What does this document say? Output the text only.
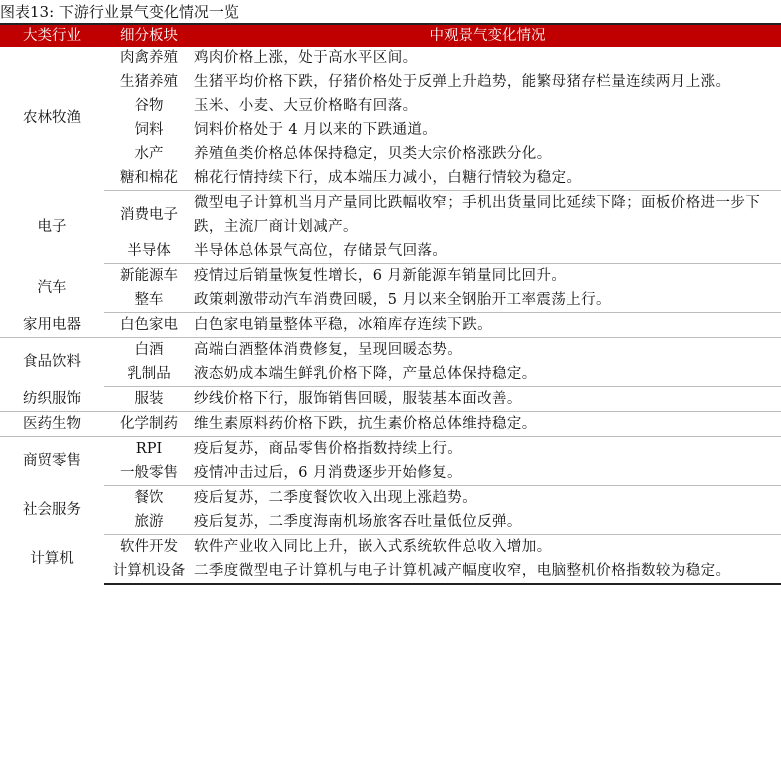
图表13: 下游行业景气变化情况一览
大类行业	细分板块	中观景气变化情况
农林牧渔	肉禽养殖	鸡肉价格上涨，处于高水平区间。
	生猪养殖	生猪平均价格下跌，仔猪价格处于反弹上升趋势，能繁母猪存栏量连续两月上涨。
	谷物	玉米、小麦、大豆价格略有回落。
	饲料	饲料价格处于 4 月以来的下跌通道。
	水产	养殖鱼类价格总体保持稳定，贝类大宗价格涨跌分化。
	糖和棉花	棉花行情持续下行，成本端压力减小，白糖行情较为稳定。
电子	消费电子	微型电子计算机当月产量同比跌幅收窄；手机出货量同比延续下降；面板价格进一步下跌，主流厂商计划减产。
	半导体	半导体总体景气高位，存储景气回落。
汽车	新能源车	疫情过后销量恢复性增长，6 月新能源车销量同比回升。
	整车	政策刺激带动汽车消费回暖，5 月以来全钢胎开工率震荡上行。
家用电器	白色家电	白色家电销量整体平稳，冰箱库存连续下跌。
食品饮料	白酒	高端白酒整体消费修复，呈现回暖态势。
	乳制品	液态奶成本端生鲜乳价格下降，产量总体保持稳定。
纺织服饰	服装	纱线价格下行，服饰销售回暖，服装基本面改善。
医药生物	化学制药	维生素原料药价格下跌，抗生素价格总体维持稳定。
商贸零售	RPI	疫后复苏，商品零售价格指数持续上行。
	一般零售	疫情冲击过后，6 月消费逐步开始修复。
社会服务	餐饮	疫后复苏，二季度餐饮收入出现上涨趋势。
	旅游	疫后复苏，二季度海南机场旅客吞吐量低位反弹。
计算机	软件开发	软件产业收入同比上升，嵌入式系统软件总收入增加。
	计算机设备	二季度微型电子计算机与电子计算机减产幅度收窄，电脑整机价格指数较为稳定。
